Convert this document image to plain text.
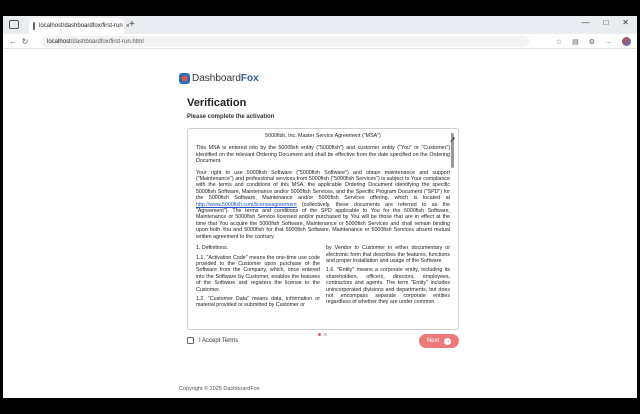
localhost/dashboardfox/first-run × +	— □ ✕
← ↻	localhost /dashboardfox/first-run.html	☆ ▤ ⚙ …
DashboardFox
Verification
Please complete the activation
5000fish, Inc. Master Service Agreement ("MSA")

This MSA is entered into by the 5000fish entity ("5000fish") and customer entity ("You" or "Customer") identified on the relevant Ordering Document and shall be effective from the date specified on the Ordering Document.

Your right to use 5000fish Software ("5000fish Software") and obtain maintenance and support ("Maintenance") and professional services from 5000fish ("5000fish Services") is subject to Your compliance with the terms and conditions of this MSA, the applicable Ordering Document identifying the specific 5000fish Software, Maintenance and/or 5000fish Services, and the Specific Program Document ("SPD") for the 5000fish Software, Maintenance and/or 5000fish Services offering, which is located at http://www.5000fish.com/licenseagreement (collectively, these documents are referred to as the "Agreement"). The terms and conditions of the SPD applicable to You for the 5000fish Software, Maintenance or 5000fish Service licensed and/or purchased by You will be those that are in effect at the time that You acquire the 5000fish Software, Maintenance or 5000fish Services and shall remain binding upon both You and 5000fish for that 5000fish Software, Maintenance or 5000fish Services absent mutual written agreement to the contrary.

1. Definitions.

1.1. "Activation Code" means the one-time use code provided to the Customer upon purchase of the Software from the Company, which, once entered into the Software by Customer, enables the features of the Software and registers the license to the Customer.

1.2. "Customer Data" means data, information or material provided or submitted by Customer or

by Vendor to Customer in either documentary or electronic form that describes the features, functions and proper installation and usage of the Software.

1.6. "Entity" means a corporate entity, including its shareholders, officers, directors, employees, contractors and agents. The term "Entity" includes unincorporated divisions and departments, but does not encompass separate corporate entities regardless of whether they are under common

➚
I Accept Terms	Next →
Copyright © 2025 DashboardFox
